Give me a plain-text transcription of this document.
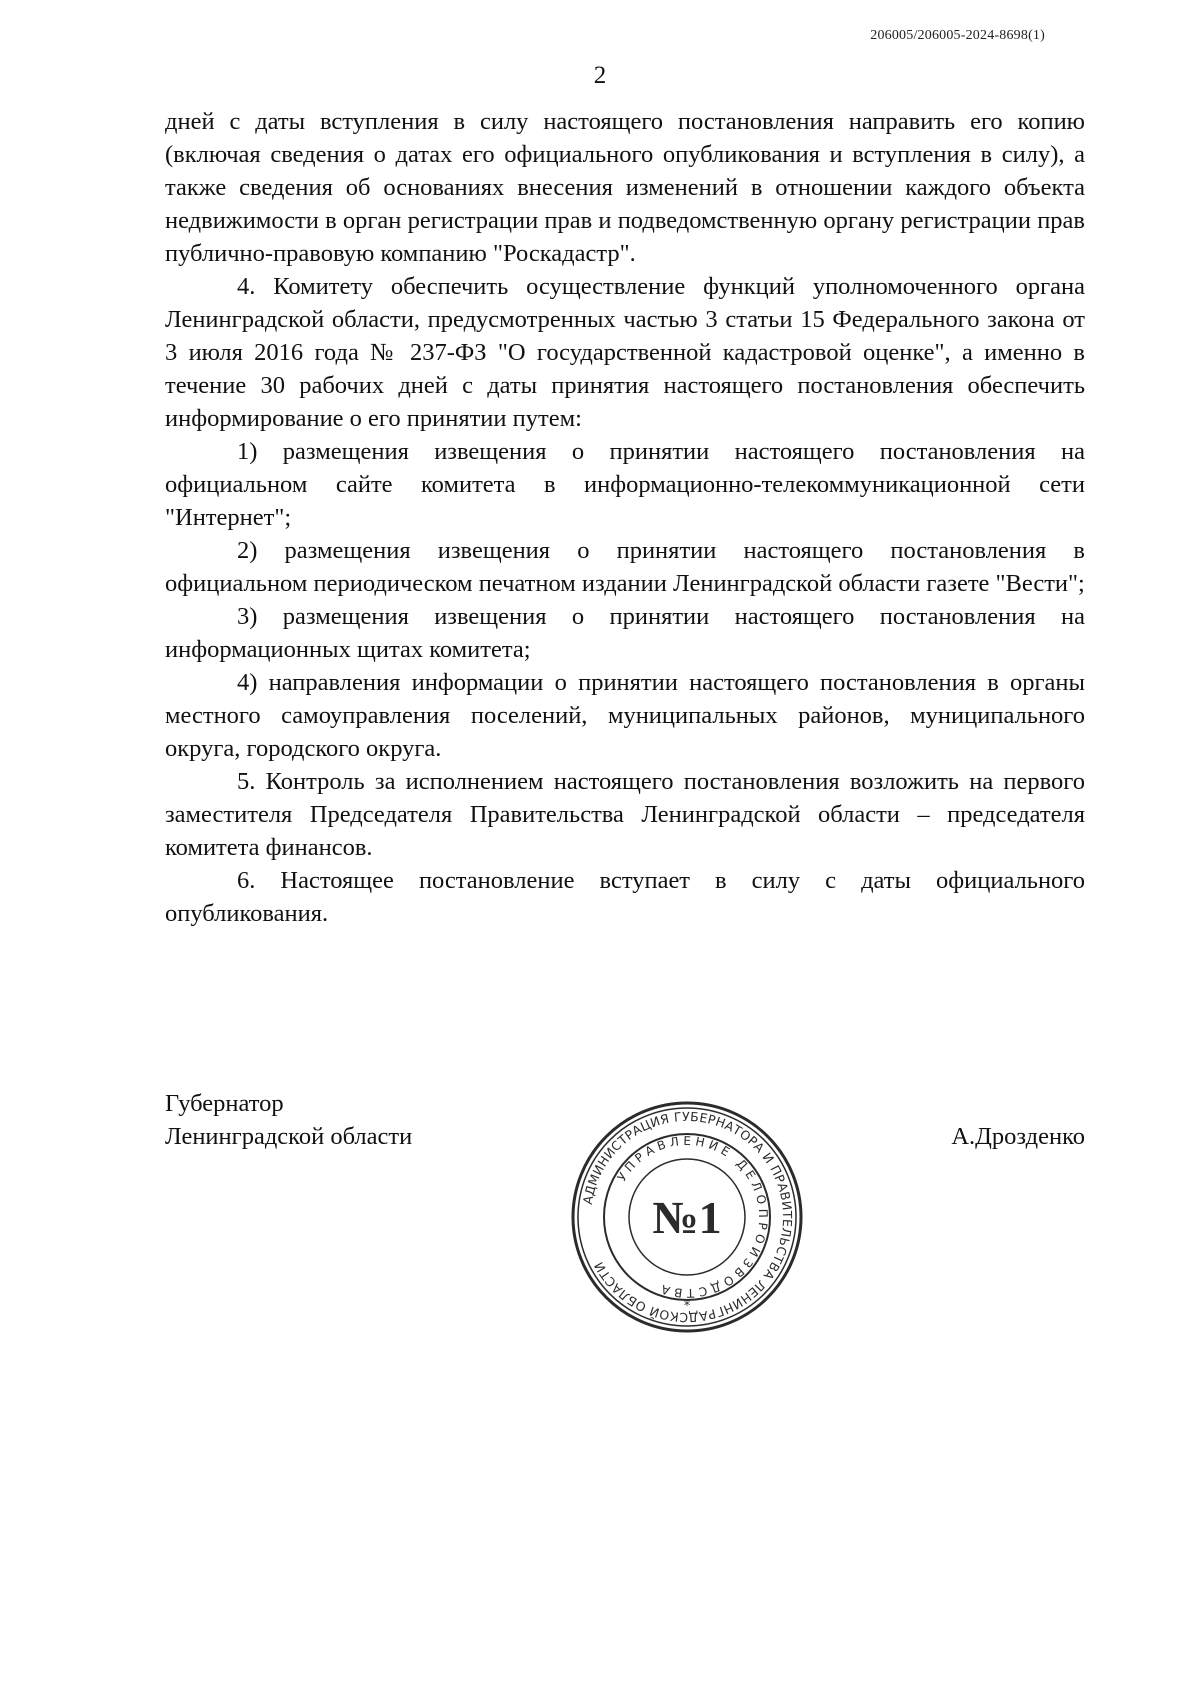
206005/206005-2024-8698(1)
2

дней с даты вступления в силу настоящего постановления направить его копию (включая сведения о датах его официального опубликования и вступления в силу), а также сведения об основаниях внесения изменений в отношении каждого объекта недвижимости в орган регистрации прав и подведомственную органу регистрации прав публично-правовую компанию "Роскадастр".

4. Комитету обеспечить осуществление функций уполномоченного органа Ленинградской области, предусмотренных частью 3 статьи 15 Федерального закона от 3 июля 2016 года № 237-ФЗ "О государственной кадастровой оценке", а именно в течение 30 рабочих дней с даты принятия настоящего постановления обеспечить информирование о его принятии путем:

1) размещения извещения о принятии настоящего постановления на официальном сайте комитета в информационно-телекоммуникационной сети "Интернет";

2) размещения извещения о принятии настоящего постановления в официальном периодическом печатном издании Ленинградской области газете "Вести";

3) размещения извещения о принятии настоящего постановления на информационных щитах комитета;

4) направления информации о принятии настоящего постановления в органы местного самоуправления поселений, муниципальных районов, муниципального округа, городского округа.

5. Контроль за исполнением настоящего постановления возложить на первого заместителя Председателя Правительства Ленинградской области – председателя комитета финансов.

6. Настоящее постановление вступает в силу с даты официального опубликования.

Губернатор
Ленинградской области	А.Дрозденко
АДМИНИСТРАЦИЯ ГУБЕРНАТОРА И ПРАВИТЕЛЬСТВА ЛЕНИНГРАДСКОЙ ОБЛАСТИ
УПРАВЛЕНИЕ ДЕЛОПРОИЗВОДСТВА
№1
*
